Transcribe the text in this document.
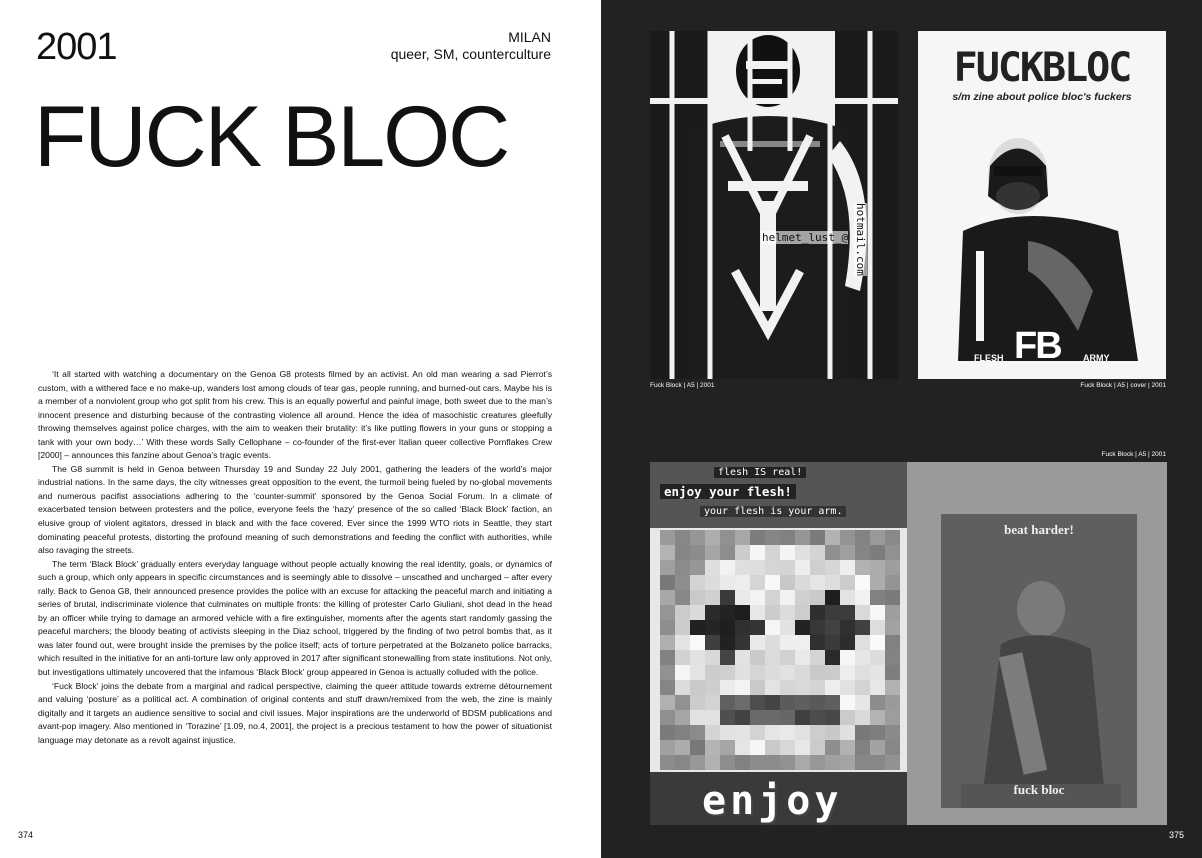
2001	MILAN
queer, SM, counterculture
FUCK BLOC

‘It all started with watching a documentary on the Genoa G8 protests filmed by an activist. An old man wearing a sad Pierrot’s custom, with a withered face e no make-up, wanders lost among clouds of tear gas, people running, and burned-out cars. Maybe his is a member of a nonviolent group who got split from his crew. This is an equally powerful and painful image, both sweet due to the man’s innocent presence and disturbing because of the contrasting violence all around. Hence the idea of masochistic creatures gleefully throwing themselves against police charges, with the aim to weaken their brutality: it’s like putting flowers in your guns or stopping a tank with your own body…’ With these words Sally Cellophane – co-founder of the first-ever Italian queer collective Pornflakes Crew [2000] – announces this fanzine about Genoa’s tragic events.

The G8 summit is held in Genoa between Thursday 19 and Sunday 22 July 2001, gathering the leaders of the world’s major industrial nations. In the same days, the city witnesses great opposition to the event, the turmoil being fueled by no-global movements and numerous pacifist associations adhering to the ‘counter-summit’ sponsored by the Genoa Social Forum. In a climate of exacerbated tension between protesters and the police, everyone feels the ‘hazy’ presence of the so called ‘Black Block’ faction, an elusive group of violent agitators, dressed in black and with the face covered. Ever since the 1999 WTO riots in Seattle, they start dominating peaceful protests, distorting the profound meaning of such demonstrations and feeding the conflict with authorities, while also ravaging the streets.

The term ‘Black Block’ gradually enters everyday language without people actually knowing the real identity, goals, or dynamics of such a group, which only appears in specific circumstances and is seemingly able to dissolve – unscathed and uncharged – after every rally. Back to Genoa G8, their announced presence provides the police with an excuse for attacking the peaceful march and initiating a series of brutal, indiscriminate violence that culminates on multiple fronts: the killing of protester Carlo Giuliani, shot dead in the head by an officer while trying to damage an armored vehicle with a fire extinguisher, moments after the agents start randomly gassing the peaceful marchers; the bloody beating of activists sleeping in the Diaz school, triggered by the finding of two petrol bombs that, as it was later found out, were brought inside the premises by the police itself; acts of torture perpetrated at the Bolzaneto police barracks, which resulted in the initiative for an anti-torture law only approved in 2017 after significant stonewalling from state institutions. Not only, but investigations ultimately uncovered that the infamous ‘Black Block’ group appeared in Genoa is actually colluded with the police.

‘Fuck Block’ joins the debate from a marginal and radical perspective, claiming the queer attitude towards extreme détournement and valuing ‘posture’ as a political act. A combination of original contents and stuff drawn/remixed from the web, the zine is mainly digitally and it targets an audience sensitive to social and civil issues. Major inspirations are the underworld of BDSM publications and avant-pop imagery. Also mentioned in ‘Torazine’ [1.09, no.4, 2001], the project is a precious testament to how the power of situationist language may detonate as a revolt against injustice.

374
helmet_lust_@ hotmail.com
Fuck Block | A5 | 2001
FUCKBLOC
s/m zine about police bloc's fuckers
FLESH FB ARMY
Fuck Block | A5 | cover | 2001
Fuck Block | A5 | 2001
flesh IS real!
enjoy your flesh!
your flesh is your arm.
enjoy
beat harder!
fuck bloc
375
